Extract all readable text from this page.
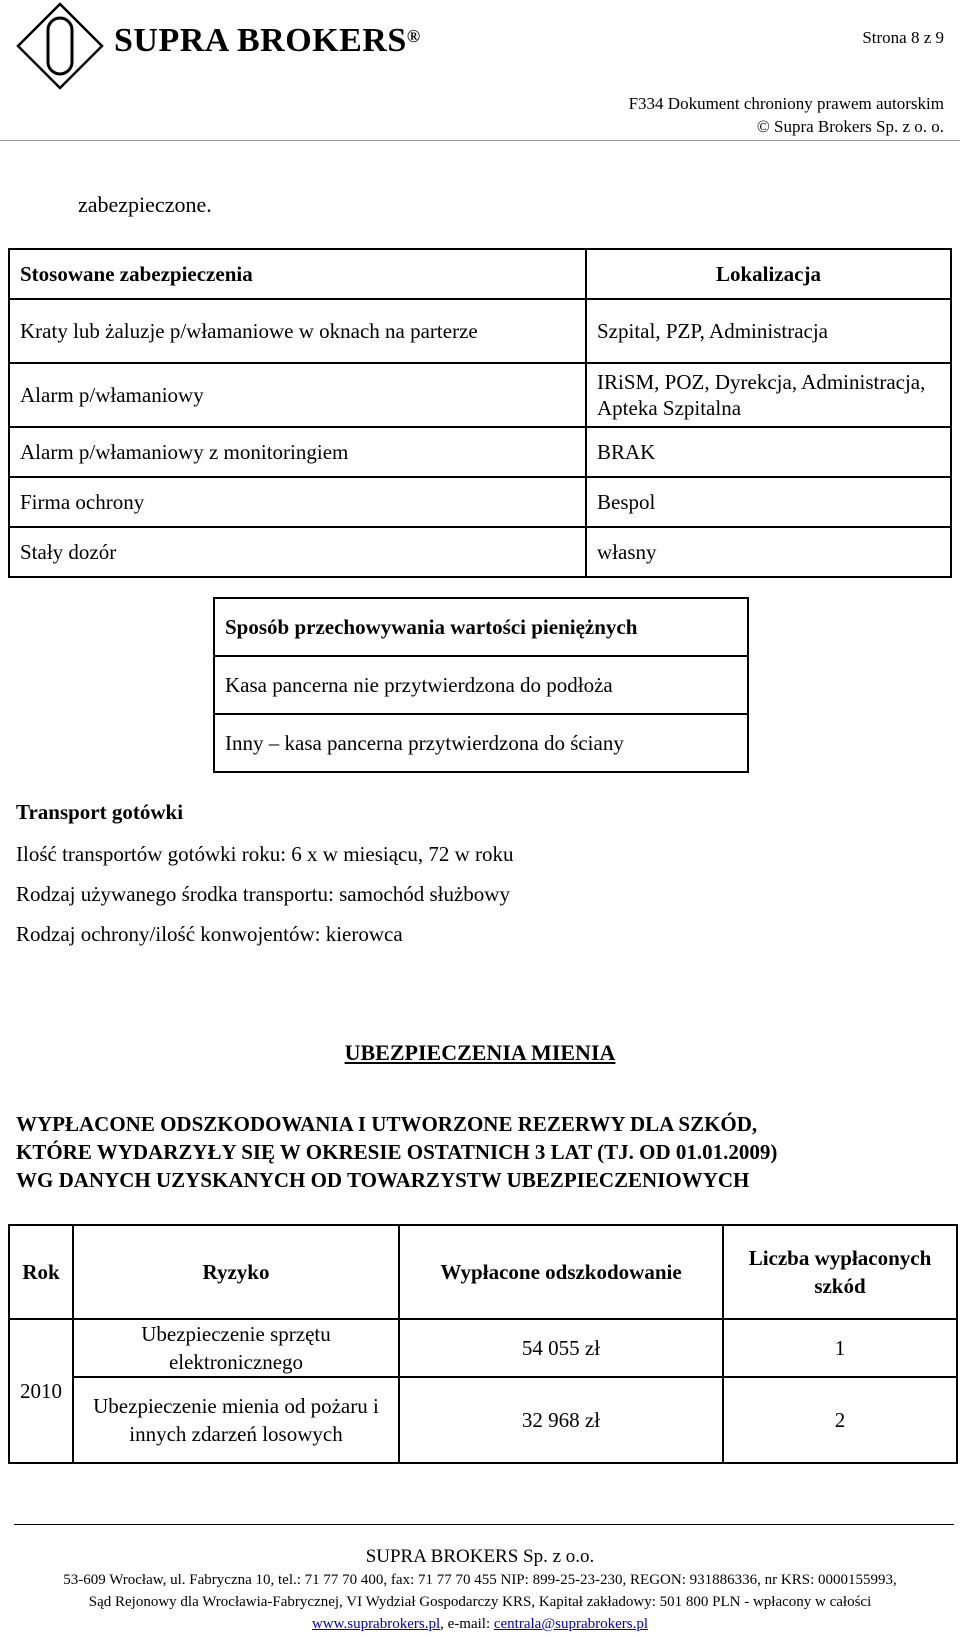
SUPRA BROKERS®	Strona 8 z 9
F334 Dokument chroniony prawem autorskim
© Supra Brokers Sp. z o. o.
zabezpieczone.
Stosowane zabezpieczenia	Lokalizacja
Kraty lub żaluzje p/włamaniowe w oknach na parterze	Szpital, PZP, Administracja
Alarm p/włamaniowy	IRiSM, POZ, Dyrekcja, Administracja, Apteka Szpitalna
Alarm p/włamaniowy z monitoringiem	BRAK
Firma ochrony	Bespol
Stały dozór	własny
Sposób przechowywania wartości pieniężnych
Kasa pancerna nie przytwierdzona do podłoża
Inny – kasa pancerna przytwierdzona do ściany
Transport gotówki
Ilość transportów gotówki roku: 6 x w miesiącu, 72 w roku
Rodzaj używanego środka transportu: samochód służbowy
Rodzaj ochrony/ilość konwojentów: kierowca
UBEZPIECZENIA MIENIA
WYPŁACONE ODSZKODOWANIA I UTWORZONE REZERWY DLA SZKÓD,
KTÓRE WYDARZYŁY SIĘ W OKRESIE OSTATNICH 3 LAT (TJ. OD 01.01.2009)
WG DANYCH UZYSKANYCH OD TOWARZYSTW UBEZPIECZENIOWYCH
Rok	Ryzyko	Wypłacone odszkodowanie	Liczba wypłaconych szkód
2010	Ubezpieczenie sprzętu elektronicznego	54 055 zł	1
	Ubezpieczenie mienia od pożaru i innych zdarzeń losowych	32 968 zł	2
SUPRA BROKERS Sp. z o.o.
53-609 Wrocław, ul. Fabryczna 10, tel.: 71 77 70 400, fax: 71 77 70 455 NIP: 899-25-23-230, REGON: 931886336, nr KRS: 0000155993,
Sąd Rejonowy dla Wrocławia-Fabrycznej, VI Wydział Gospodarczy KRS, Kapitał zakładowy: 501 800 PLN - wpłacony w całości
www.suprabrokers.pl, e-mail: centrala@suprabrokers.pl
